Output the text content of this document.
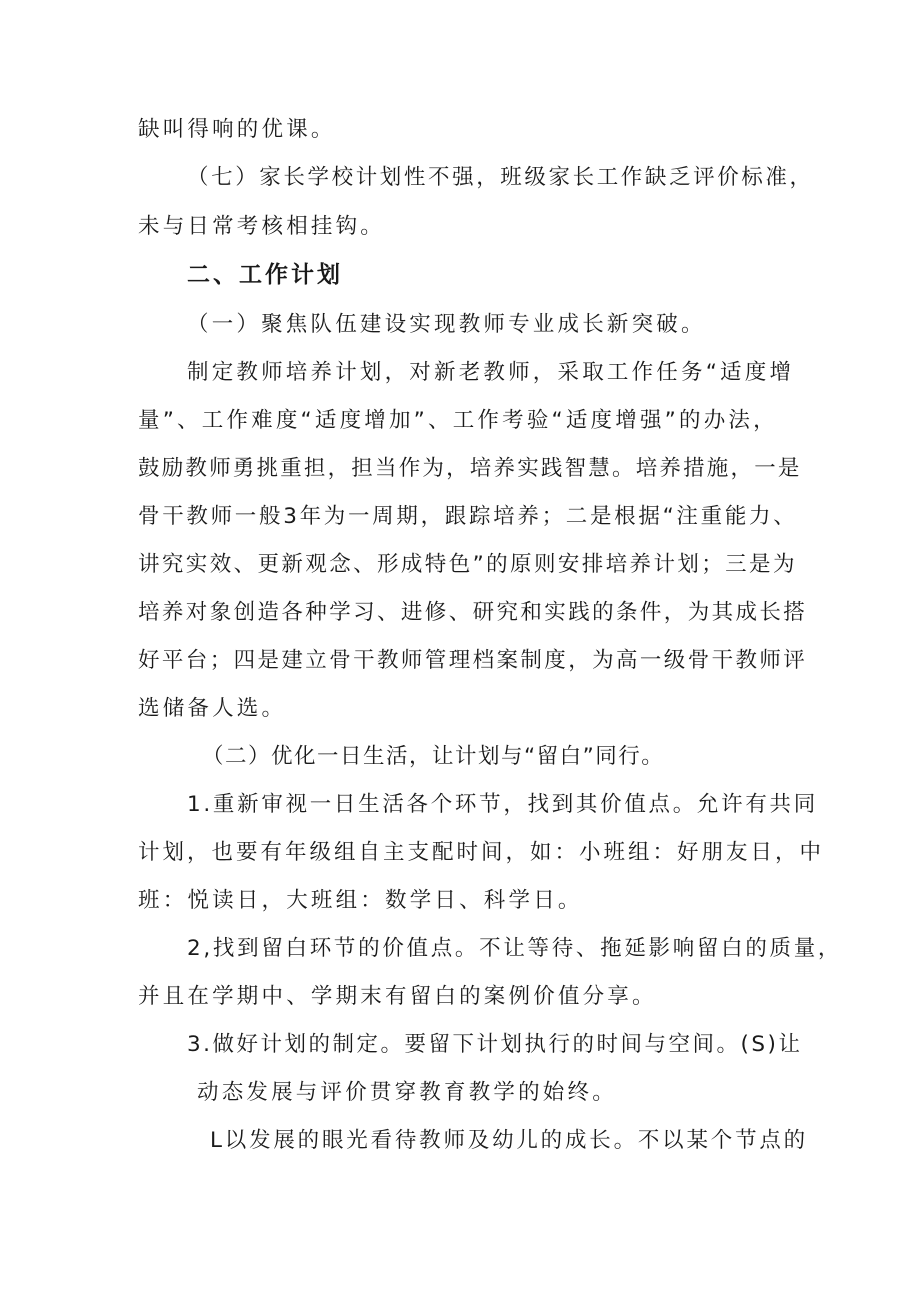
缺叫得响的优课。
（七）家长学校计划性不强，班级家长工作缺乏评价标准，
未与日常考核相挂钩。
二、工作计划
（一）聚焦队伍建设实现教师专业成长新突破。
制定教师培养计划，对新老教师，采取工作任务“适度增
量”、工作难度“适度增加”、工作考验“适度增强”的办法，
鼓励教师勇挑重担，担当作为，培养实践智慧。培养措施，一是
骨干教师一般3年为一周期，跟踪培养；二是根据“注重能力、
讲究实效、更新观念、形成特色”的原则安排培养计划；三是为
培养对象创造各种学习、进修、研究和实践的条件，为其成长搭
好平台；四是建立骨干教师管理档案制度，为高一级骨干教师评
选储备人选。
（二）优化一日生活，让计划与“留白”同行。
1.重新审视一日生活各个环节，找到其价值点。允许有共同
计划，也要有年级组自主支配时间，如：小班组：好朋友日，中
班：悦读日，大班组：数学日、科学日。
2,找到留白环节的价值点。不让等待、拖延影响留白的质量，
并且在学期中、学期末有留白的案例价值分享。
3.做好计划的制定。要留下计划执行的时间与空间。(S)让
动态发展与评价贯穿教育教学的始终。
L以发展的眼光看待教师及幼儿的成长。不以某个节点的
